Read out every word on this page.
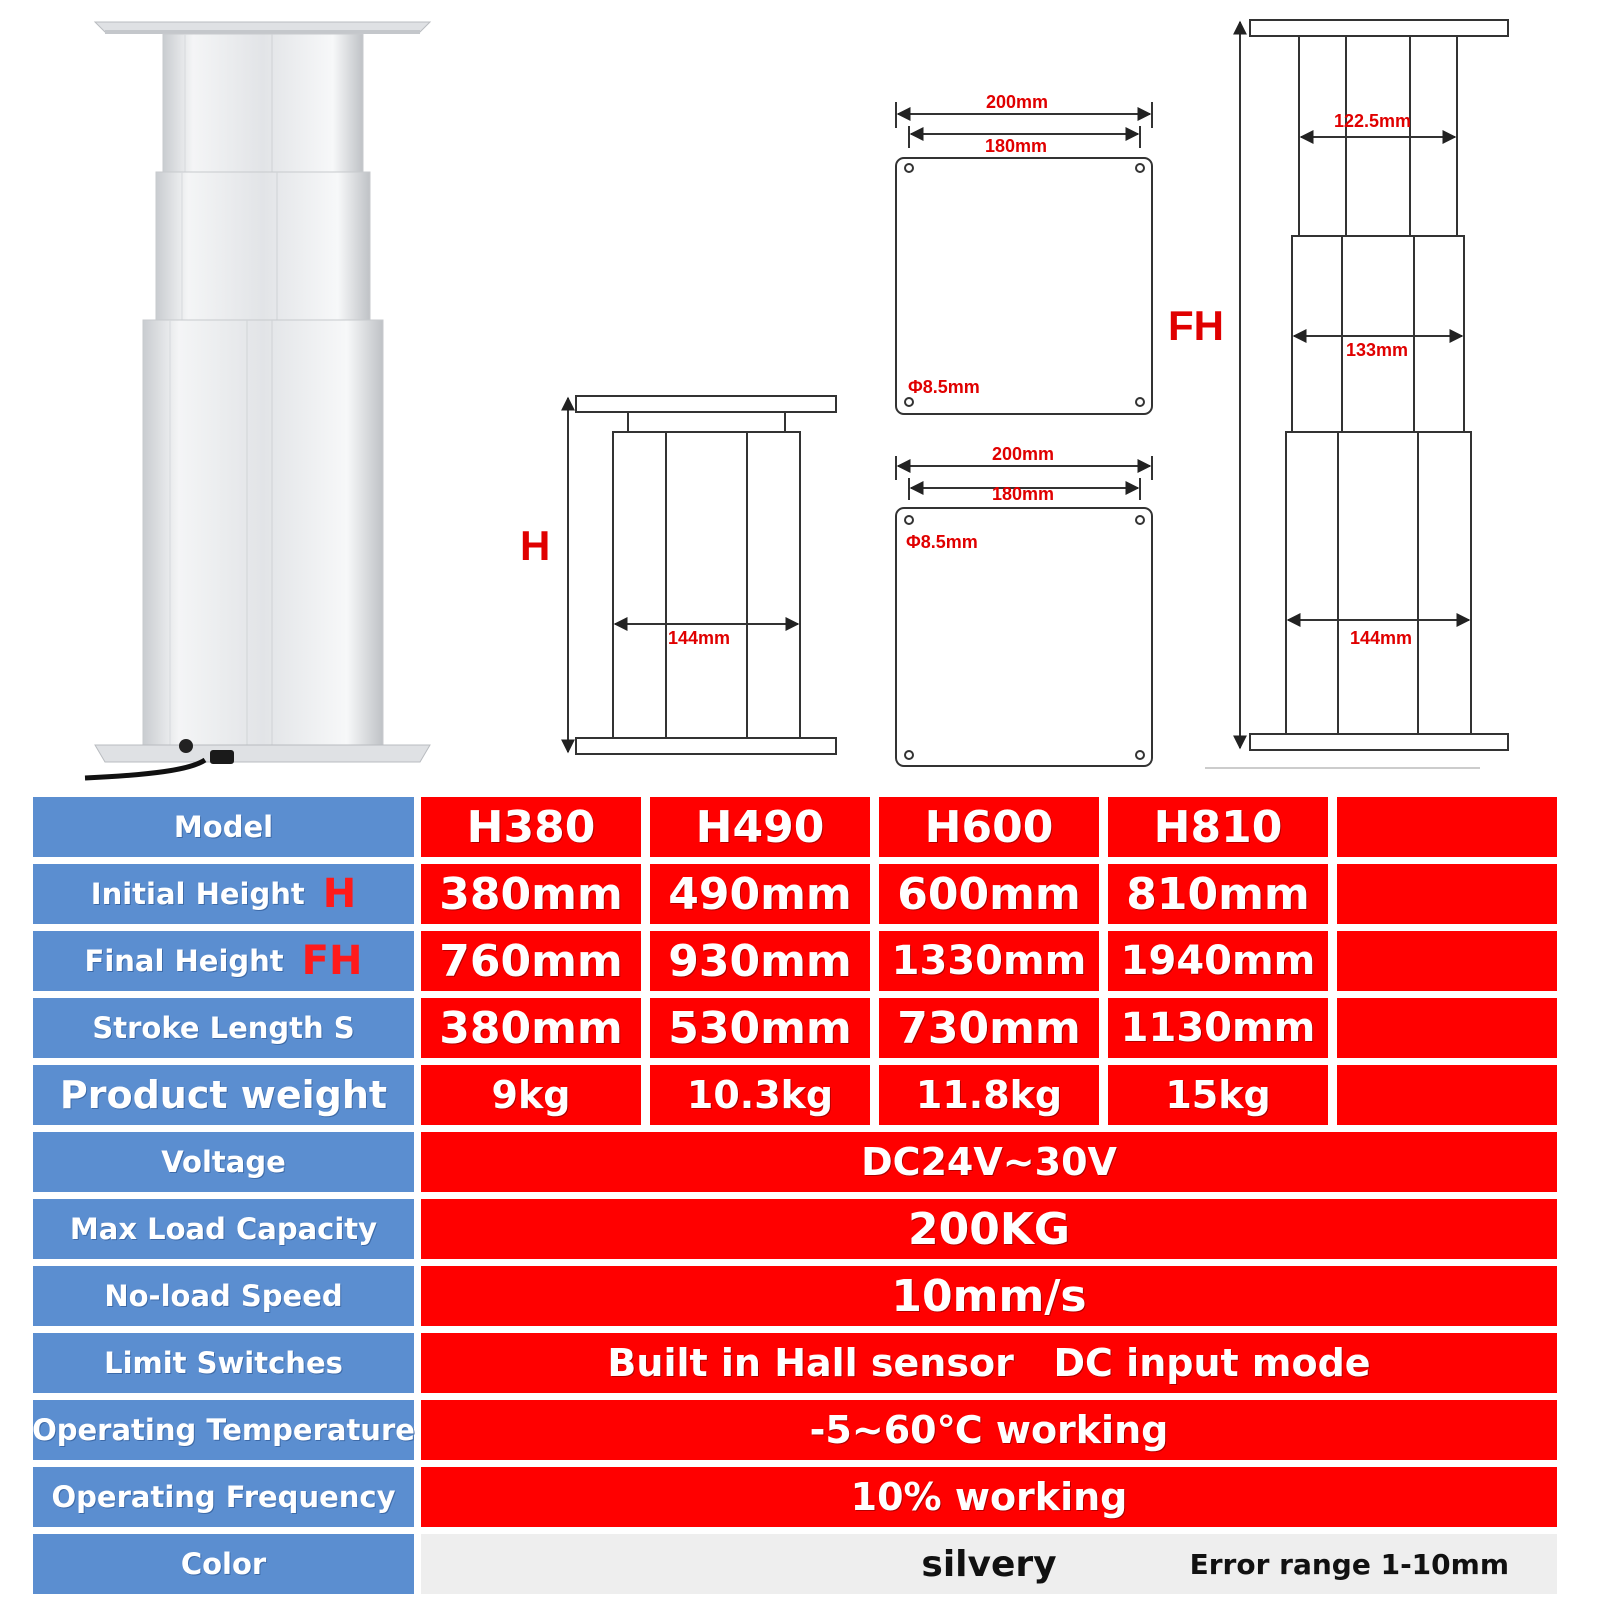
H
144mm
200mm
180mm
Φ8.5mm
200mm
180mm
Φ8.5mm
FH
122.5mm
133mm
144mm
Model	H380	H490	H600	H810
Initial Height H	380mm	490mm	600mm	810mm
Final Height FH	760mm	930mm 1330mm 1940mm
Stroke Length S	380mm	530mm	730mm 1130mm
Product weight	9kg	10.3kg	11.8kg	15kg
Voltage	DC24V~30V
Max Load Capacity	200KG
No-load Speed	10mm/s
Limit Switches	Built in Hall sensor   DC input mode
Operating Temperature	-5~60℃ working
Operating Frequency	10% working
Color	silvery	Error range 1-10mm
